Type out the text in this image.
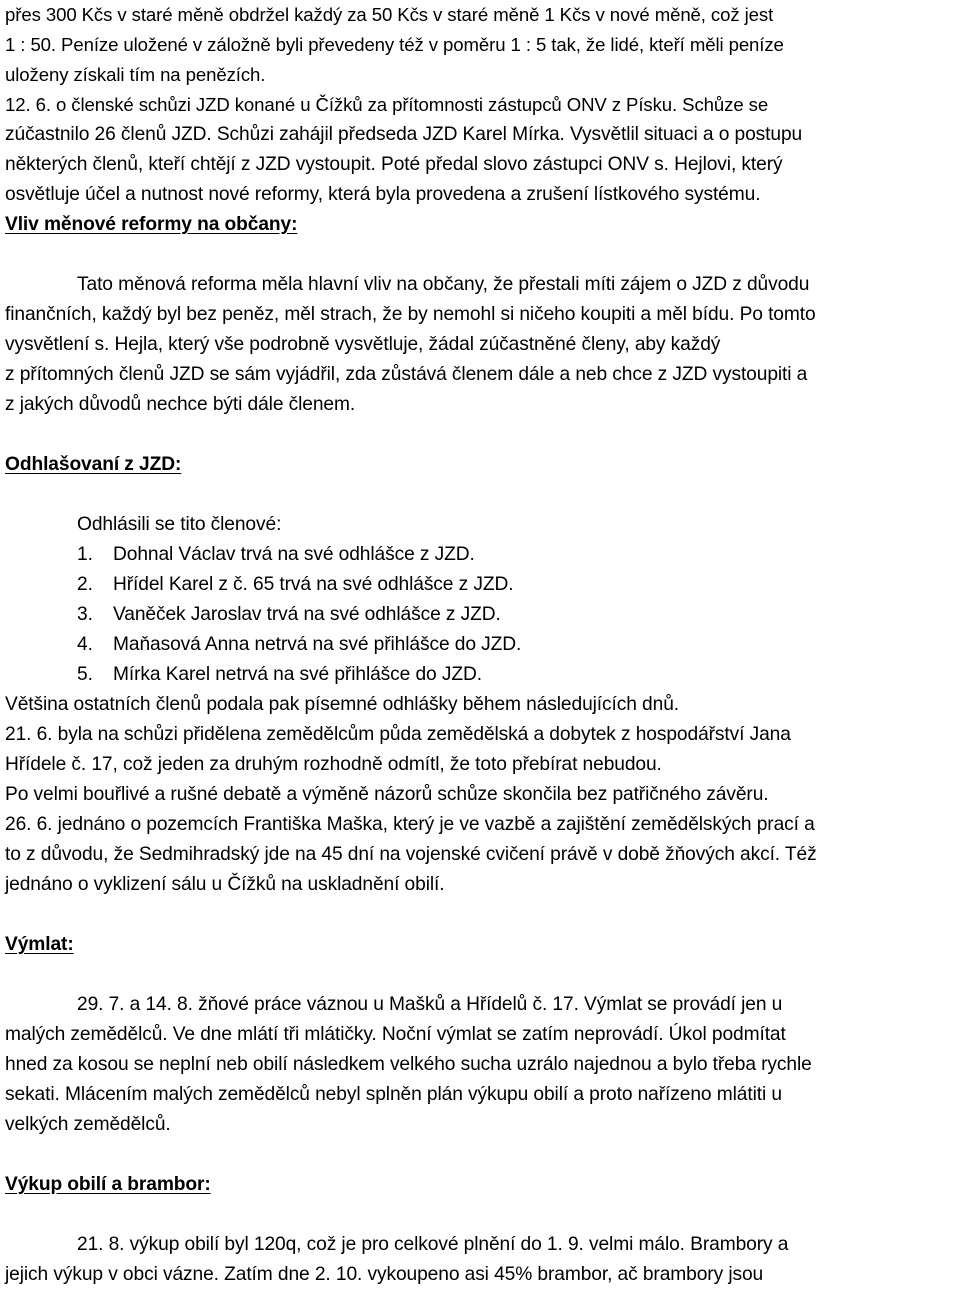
přes 300 Kčs v staré měně obdržel každý za 50 Kčs v staré měně 1 Kčs v nové měně, což jest
1 : 50. Peníze uložené v záložně byli převedeny též v poměru 1 : 5 tak, že lidé, kteří měli peníze
uloženy získali tím na penězích.
12. 6. o členské schůzi JZD konané u Čížků za přítomnosti zástupců ONV z Písku. Schůze se
zúčastnilo 26 členů JZD. Schůzi zahájil předseda JZD Karel Mírka. Vysvětlil situaci a o postupu
některých členů, kteří chtějí z JZD vystoupit. Poté předal slovo zástupci ONV s. Hejlovi, který
osvětluje účel a nutnost nové reformy, která byla provedena a zrušení lístkového systému.
Vliv měnové reformy na občany:
Tato měnová reforma měla hlavní vliv na občany, že přestali míti zájem o JZD z důvodu
finančních, každý byl bez peněz, měl strach, že by nemohl si ničeho koupiti a měl bídu. Po tomto
vysvětlení s. Hejla, který vše podrobně vysvětluje, žádal zúčastněné členy, aby každý
z přítomných členů JZD se sám vyjádřil, zda zůstává členem dále a neb chce z JZD vystoupiti a
z jakých důvodů nechce býti dále členem.
Odhlašovaní z JZD:
Odhlásili se tito členové:
1.	Dohnal Václav trvá na své odhlášce z JZD.
2.	Hřídel Karel z č. 65 trvá na své odhlášce z JZD.
3.	Vaněček Jaroslav trvá na své odhlášce z JZD.
4.	Maňasová Anna netrvá na své přihlášce do JZD.
5.	Mírka Karel netrvá na své přihlášce do JZD.
Většina ostatních členů podala pak písemné odhlášky během následujících dnů.
21. 6. byla na schůzi přidělena zemědělcům půda zemědělská a dobytek z hospodářství Jana
Hřídele č. 17, což jeden za druhým rozhodně odmítl, že toto přebírat nebudou.
Po velmi bouřlivé a rušné debatě a výměně názorů schůze skončila bez patřičného závěru.
26. 6. jednáno o pozemcích Františka Maška, který je ve vazbě a zajištění zemědělských prací a
to z důvodu, že Sedmihradský jde na 45 dní na vojenské cvičení právě v době žňových akcí. Též
jednáno o vyklizení sálu u Čížků na uskladnění obilí.
Výmlat:
29. 7. a 14. 8. žňové práce váznou u Mašků a Hřídelů č. 17. Výmlat se provádí jen u
malých zemědělců. Ve dne mlátí tři mlátičky. Noční výmlat se zatím neprovádí. Úkol podmítat
hned za kosou se neplní neb obilí následkem velkého sucha uzrálo najednou a bylo třeba rychle
sekati. Mlácením malých zemědělců nebyl splněn plán výkupu obilí a proto nařízeno mlátiti u
velkých zemědělců.
Výkup obilí a brambor:
21. 8. výkup obilí byl 120q, což je pro celkové plnění do 1. 9. velmi málo. Brambory a
jejich výkup v obci vázne. Zatím dne 2. 10. vykoupeno asi 45% brambor, ač brambory jsou
